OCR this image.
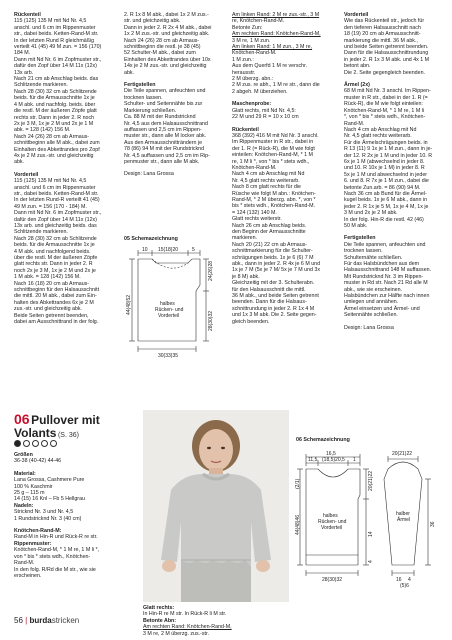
Rückenteil
115 (125) 135 M mit Nd Nr. 4,5
anschl. und 6 cm im Rippenmuster
str., dabei beids. Ketten-Rand-M str.
In der letzten Rund R gleichmäßig
verteilt 41 (45) 49 M zun. = 156 (170)
184 M.
Dann mit Nd Nr. 6 im Zopfmuster str.,
dafür den Zopf über 14 M 11x (12x)
13x arb.
Nach 21 cm ab Anschlag beids. das
Schlitzende markieren.
Nach 28 (30) 32 cm ab Schlitzende
beids. für die Armausschnitte 1x je
4 M abk. und nachfolg. beids. über
die restl. M der äußeren Zöpfe glatt
rechts str. Dann in jeder 2. R noch
2x je 3 M, 1x je 2 M und 2x je 1 M
abk. = 128 (142) 156 M.
Nach 24 (26) 28 cm ab Armaus-
schnittbeginn alle M abk., dabei zum
Einhalten des Abkettrandes pro Zopf
4x je 2 M zus.-str. und gleichzeitig
abk.
Vorderteil
115 (125) 135 M mit Nd Nr. 4,5
anschl. und 6 cm im Rippenmuster
str., dabei beids. Ketten-Rand-M str.
In der letzten Rund-R verteilt 41 (45)
49 M zun. = 156 (170 - 184) M.
Dann mit Nd Nr. 6 im Zopfmuster str.,
dafür den Zopf über 14 M 11x (12x)
13x arb. und gleichzeitig beids. das
Schlitzende markieren.
Nach 28 (30) 32 cm ab Schlitzende
beids. für die Armausschnitte 1x je
4 M abk. und nachfolgend beids.
über die restl. M der äußeren Zöpfe
glatt rechts str. Dann in jeder 2. R
noch 2x je 3 M, 1x je 2 M und 2x je
1 M abk. = 128 (142) 156 M.
Nach 16 (18) 20 cm ab Armaus-
schnittbeginn für den Halsausschnitt
die mittl. 20 M abk., dabei zum Ein-
halten des Abkettrandes 6x je 2 M
zus.-str. und gleichzeitig abk.
Beide Seiten getrennt beenden,
dabei am Ausschnittrand in der folg.
2. R 1x 8 M abk., dabei 1x 2 M zus.-
str. und gleichzeitig abk.
Dann in jeder 2. R 2x 4 M abk., dabei
1x 2 M zus.-str. und gleichzeitig abk.
Nach 24 (26) 28 cm ab Armaus-
schnittbeginn die restl. je 38 (45)
52 Schulter-M abk., dabei zum
Einhalten des Abkettrandes über 10x
14x je 2 M zus.-str. und gleichzeitig
abk.
Fertigstellen
Die Teile spannen, anfeuchten und
trocknen lassen.
Schulter- und Seitennähte bis zur
Markierung schließen.
Ca. 88 M mit der Rundstricknd
Nr. 4,5 aus dem Halsausschnittrand
auffassen und 2,5 cm im Rippen-
muster str., dann alle M locker abk.
Aus den Armausschnitträndern je
78 (86) 94 M mit der Rundstricknd
Nr. 4,5 auffassen und 2,5 cm im Rip-
penmuster str., dann alle M abk.
Design: Lana Grossa
05 Schemazeichnung
10 15(18)20	5
44(48)52
24(26)28
28(30)32
30(33)35
halbes
Rücken- und
Vorderteil
Am linken Rand: 2 M re zus.-str., 3 M
re, Knötchen-Rand-M.
Betonte Zun:
Am rechten Rand: Knötchen-Rand-M,
3 M re, 1 M zun.
Am linken Rand: 1 M zun., 3 M re,
Knötchen-Rand-M.
1 M zun.:
Aus dem Querfd 1 M re verschr.
herausstr.
2 M überzg. abn.:
2 M zus. re abh., 1 M re str., dann die
2 abgeh. M überziehen.
Maschenprobe:
Glatt rechts, mit Nd Nr. 4,5:
22 M und 29 R = 10 x 10 cm
Rückenteil
368 (392) 416 M mit Nd Nr. 3 anschl.
Im Rippenmuster in R str., dabei in
der 1. R (= Rück-R), die M wie folgt
einteilen: Knötchen-Rand-M, * 1 M
re, 1 M li *, von * bis * stets wdh.,
Knötchen-Rand-M.
Nach 4 cm ab Anschlag mit Nd
Nr. 4,5 glatt rechts weiterarb.
Nach 8 cm glatt rechts für die
Rüsche wie folgt M abn.: Knötchen-
Rand-M, * 2 M überzg. abn. *, von *
bis * stets wdh., Knötchen-Rand-M.
= 124 (132) 140 M.
Glatt rechts weiterstr.
Nach 26 cm ab Anschlag beids.
den Beginn der Armausschnitte
markieren.
Nach 20 (21) 22 cm ab Armaus-
schnittmarkierung für die Schulter-
schrägungen beids. 1x je 6 (6) 7 M
abk., dann in jeder 2. R 4x je 6 M und
1x je 7 M (5x je 7 M/ 5x je 7 M und 3x
je 8 M) abk.
Gleichzeitig mit der 3. Schulterabn.
für den Halsausschnitt die mittl.
36 M abk., und beide Seiten getrennt
beenden. Dann für die Halsaus-
schnittrundung in jeder 2. R 1x 4 M
und 1x 3 M abk. Die 2. Seite gegen-
gleich beenden.
Vorderteil
Wie das Rückenteil str., jedoch für
den tieferen Halsausschnitt nach
18 (19) 20 cm ab Armausschnitt-
markierung die mittl. 36 M abk.,
und beide Seiten getrennt beenden.
Dann für die Halsausschnittrundung
in jeder 2. R 1x 3 M abk. und 4x 1 M
betont abn.
Die 2. Seite gegengleich beenden.
Ärmel (2x)
68 M mit Nd Nr. 3 anschl. Im Rippen-
muster in R str., dabei in der 1. R (=
Rück-R), die M wie folgt einteilen:
Knötchen-Rand-M, * 1 M re, 1 M li
*, von * bis * stets wdh., Knötchen-
Rand-M.
Nach 4 cm ab Anschlag mit Nd
Nr. 4,5 glatt rechts weiterarb.
Für die Ärmelschrägungen beids. in
R 13 (11) 9 1x je 1 M zun., dann in je-
der 12. R 2x je 1 M und in jeder 10. R
6x je 1 M (abwechselnd in jeder 8.
und 10. R 10x je 1 M) in jeder 8. R
5x je 1 M und abwechselnd in jeder
6. und 8. R 7x je 1 M zun., dabei die
betonte Zun.arb. = 86 (90) 94 M.
Nach 36 cm ab Bund für die Ärmel-
kugel beids. 1x je 6 M abk., dann in
jeder 2. R 1x je 5 M, 1x je 4 M, 1x je
3 M und 2x je 2 M abk.
In der folg. Hin-R die restl. 42 (46)
50 M abk.
Fertigstellen
Die Teile spannen, anfeuchten und
trocknen lassen.
Schulternähte schließen.
Für das Halsbündchen aus dem
Halsausschnittrand 148 M auffassen.
Mit Rundstricknd Nr. 3 im Rippen-
muster in Rd str. Nach 21 Rd alle M
abk., wie sie erscheinen.
Halsbündchen zur Hälfte nach innen
umlegen und annähen.
Ärmel einsetzen und Ärmel- und
Seitennähte schließen.
Design: Lana Grossa
06 Pullover mit
Volants (S. 36)
Größen
36-38 (40-42) 44-46
Material:
Lana Grossa, Cashmere Pure
100 % Kaschmir
25 g – 115 m
14 (15) 16 Knl – Fb 5 Hellgrau
Nadeln:
Stricknd Nr. 3 und Nr. 4,5
1 Rundstricknd Nr. 3 (40 cm)
Knötchen-Rand-M:
Rand-M in Hin-R und Rück-R re str.
Rippenmuster:
Knötchen-Rand-M, * 1 M re, 1 M li *,
von * bis * stets wdh., Knötchen-
Rand-M.
In den folg. R/Rd die M str., wie sie
erscheinen.
Glatt rechts:
In Hin-R re M str. In Rück-R li M str.
Betonte Abn:
Am rechten Rand: Knötchen-Rand-M,
3 M re, 2 M überzg. zus.-str.
06 Schemazeichnung
16,5
11,5 (18,5)20,5 1
44(48)46
(2/1)	20(21)22
14
4
28(30)32
halbes
Rücken- und
Vorderteil
20(21)22
halber
Ärmel
36
16 4
(5)6
56 | burdastricken
